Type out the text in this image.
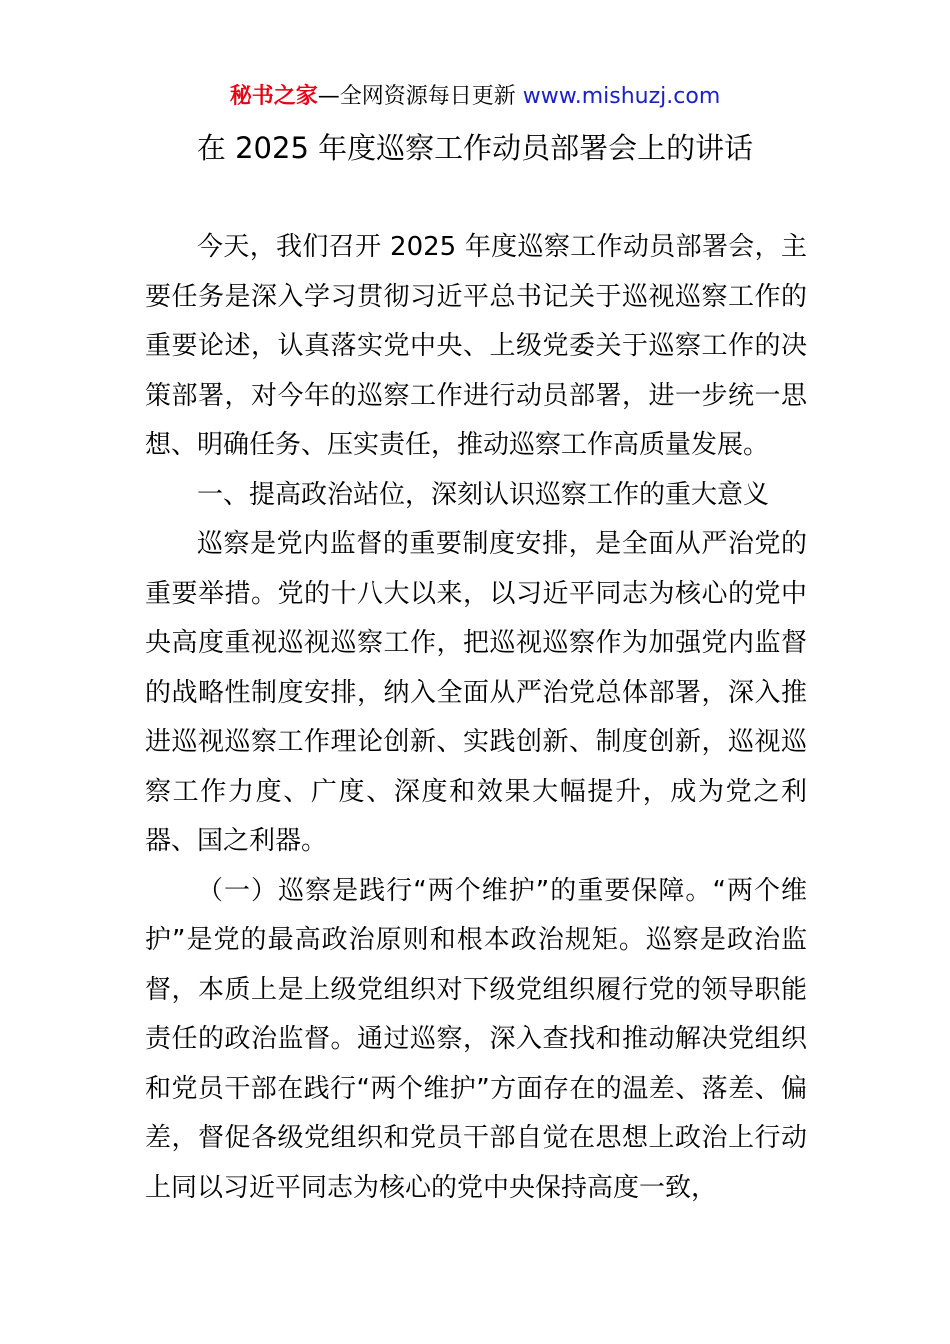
秘书之家—全网资源每日更新 www.mishuzj.com
在 2025 年度巡察工作动员部署会上的讲话

今天，我们召开 2025 年度巡察工作动员部署会，主要任务是深入学习贯彻习近平总书记关于巡视巡察工作的重要论述，认真落实党中央、上级党委关于巡察工作的决策部署，对今年的巡察工作进行动员部署，进一步统一思想、明确任务、压实责任，推动巡察工作高质量发展。

一、提高政治站位，深刻认识巡察工作的重大意义

巡察是党内监督的重要制度安排，是全面从严治党的重要举措。党的十八大以来，以习近平同志为核心的党中央高度重视巡视巡察工作，把巡视巡察作为加强党内监督的战略性制度安排，纳入全面从严治党总体部署，深入推进巡视巡察工作理论创新、实践创新、制度创新，巡视巡察工作力度、广度、深度和效果大幅提升，成为党之利器、国之利器。

（一）巡察是践行“两个维护”的重要保障。“两个维护”是党的最高政治原则和根本政治规矩。巡察是政治监督，本质上是上级党组织对下级党组织履行党的领导职能责任的政治监督。通过巡察，深入查找和推动解决党组织和党员干部在践行“两个维护”方面存在的温差、落差、偏差，督促各级党组织和党员干部自觉在思想上政治上行动上同以习近平同志为核心的党中央保持高度一致，
